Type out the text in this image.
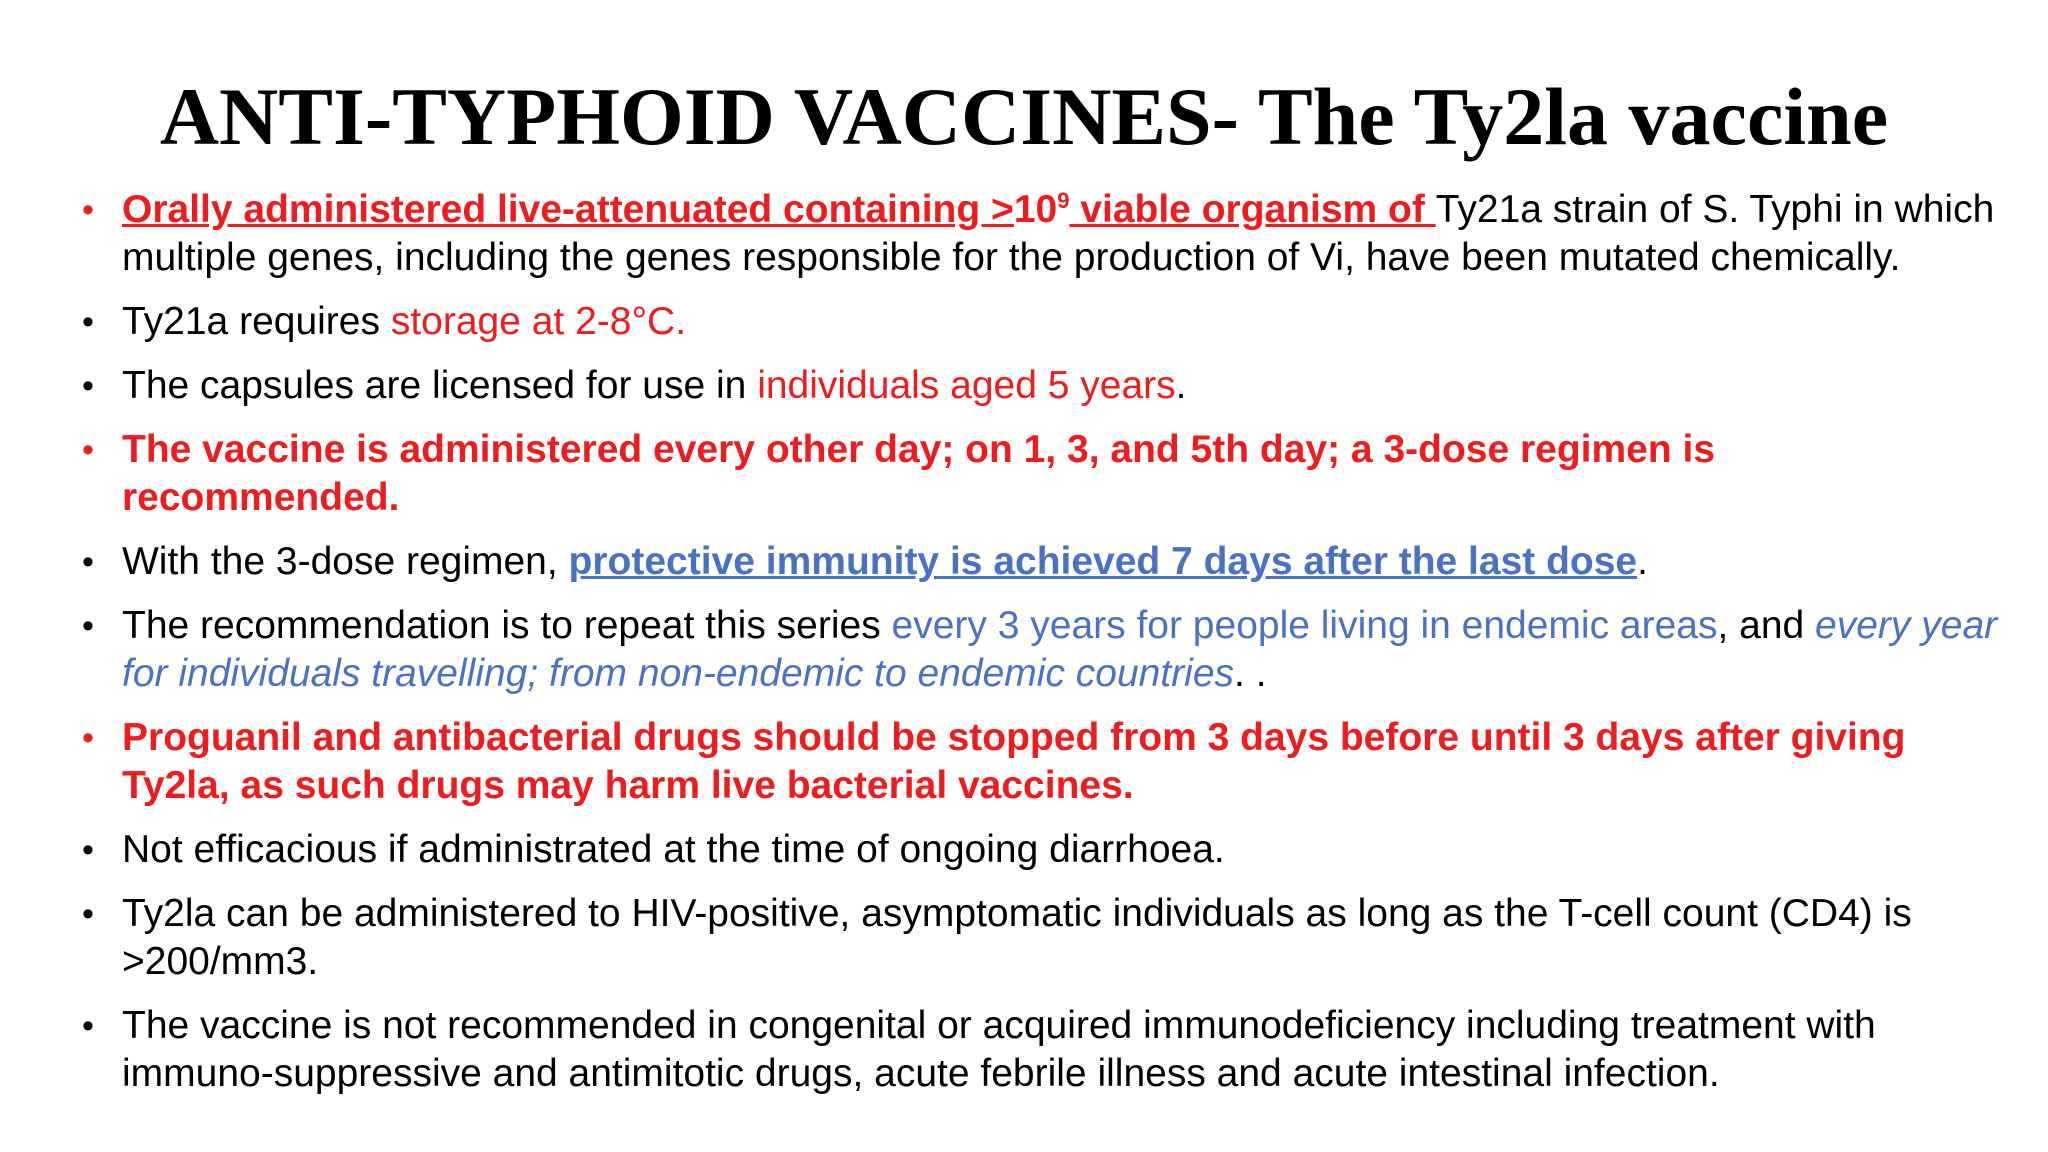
ANTI-TYPHOID VACCINES- The Ty2la vaccine
• Orally administered live-attenuated containing $>10^9$ viable organism of Ty21a strain of S. Typhi in which multiple genes, including the genes responsible for the production of Vi, have been mutated chemically.
• Ty21a requires storage at 2-8°C.
• The capsules are licensed for use in individuals aged 5 years.
• The vaccine is administered every other day; on 1, 3, and 5th day; a 3-dose regimen is recommended.
• With the 3-dose regimen, protective immunity is achieved 7 days after the last dose.
• The recommendation is to repeat this series every 3 years for people living in endemic areas, and every year for individuals travelling; from non-endemic to endemic countries. .
• Proguanil and antibacterial drugs should be stopped from 3 days before until 3 days after giving Ty2la, as such drugs may harm live bacterial vaccines.
• Not efficacious if administrated at the time of ongoing diarrhoea.
• Ty2la can be administered to HIV-positive, asymptomatic individuals as long as the T-cell count (CD4) is >200/mm3.
• The vaccine is not recommended in congenital or acquired immunodeficiency including treatment with immuno-suppressive and antimitotic drugs, acute febrile illness and acute intestinal infection.
